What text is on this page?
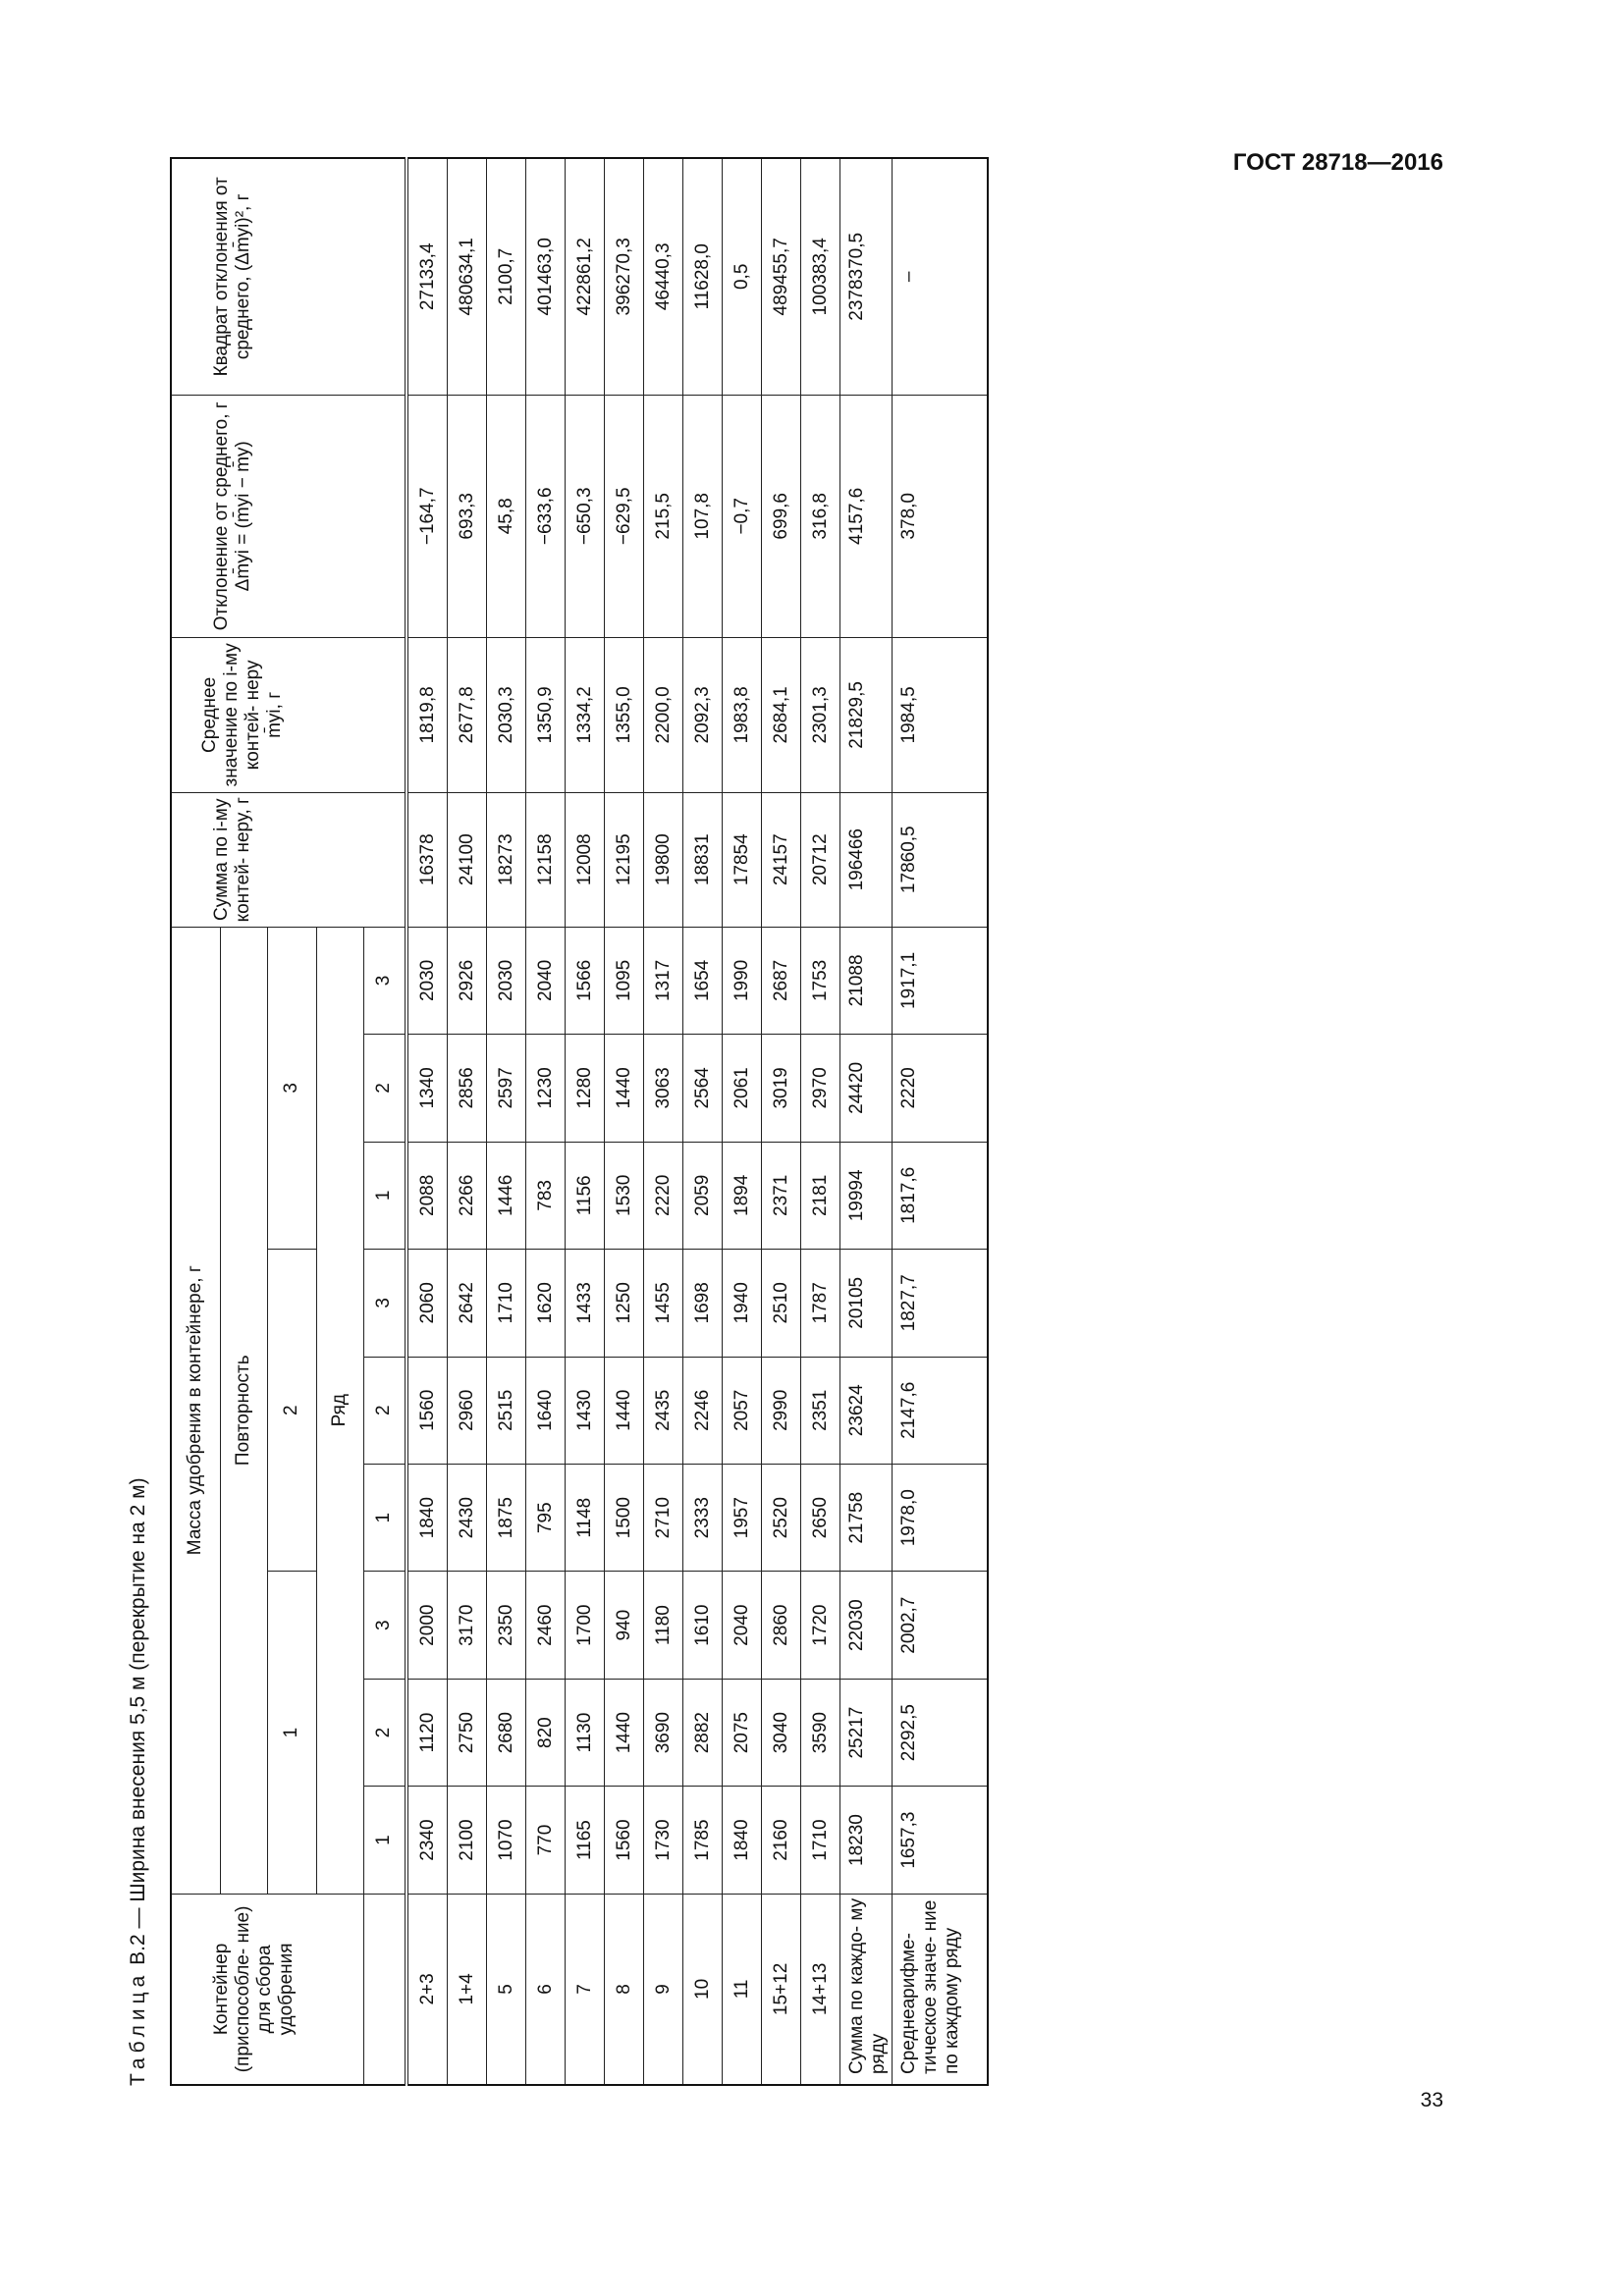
ГОСТ 28718—2016
Таблица В.2 — Ширина внесения 5,5 м (перекрытие на 2 м)
Контейнер (приспособле- ние) для сбора удобрения	Масса удобрения в контейнере, г									Сумма по i-му контей- неру, г	Среднее значение по i-му контей- неру m̄yi, г	Отклонение от среднего, г Δm̄yi = (m̄yi − m̄y)	Квадрат отклонения от среднего, (Δm̄yi)², г
	Повторность												
	1			2			3						
	Ряд												
	1	2	3	1	2	3	1	2	3				
2+3	2340	1120	2000	1840	1560	2060	2088	1340	2030	16378	1819,8	−164,7	27133,4
1+4	2100	2750	3170	2430	2960	2642	2266	2856	2926	24100	2677,8	693,3	480634,1
5	1070	2680	2350	1875	2515	1710	1446	2597	2030	18273	2030,3	45,8	2100,7
6	770	820	2460	795	1640	1620	783	1230	2040	12158	1350,9	−633,6	401463,0
7	1165	1130	1700	1148	1430	1433	1156	1280	1566	12008	1334,2	−650,3	422861,2
8	1560	1440	940	1500	1440	1250	1530	1440	1095	12195	1355,0	−629,5	396270,3
9	1730	3690	1180	2710	2435	1455	2220	3063	1317	19800	2200,0	215,5	46440,3
10	1785	2882	1610	2333	2246	1698	2059	2564	1654	18831	2092,3	107,8	11628,0
11	1840	2075	2040	1957	2057	1940	1894	2061	1990	17854	1983,8	−0,7	0,5
15+12	2160	3040	2860	2520	2990	2510	2371	3019	2687	24157	2684,1	699,6	489455,7
14+13	1710	3590	1720	2650	2351	1787	2181	2970	1753	20712	2301,3	316,8	100383,4
Сумма по каждо- му ряду	18230	25217	22030	21758	23624	20105	19994	24420	21088	196466	21829,5	4157,6	2378370,5
Среднеарифме- тическое значе- ние по каждому ряду	1657,3	2292,5	2002,7	1978,0	2147,6	1827,7	1817,6	2220	1917,1	17860,5	1984,5	378,0	–
33
